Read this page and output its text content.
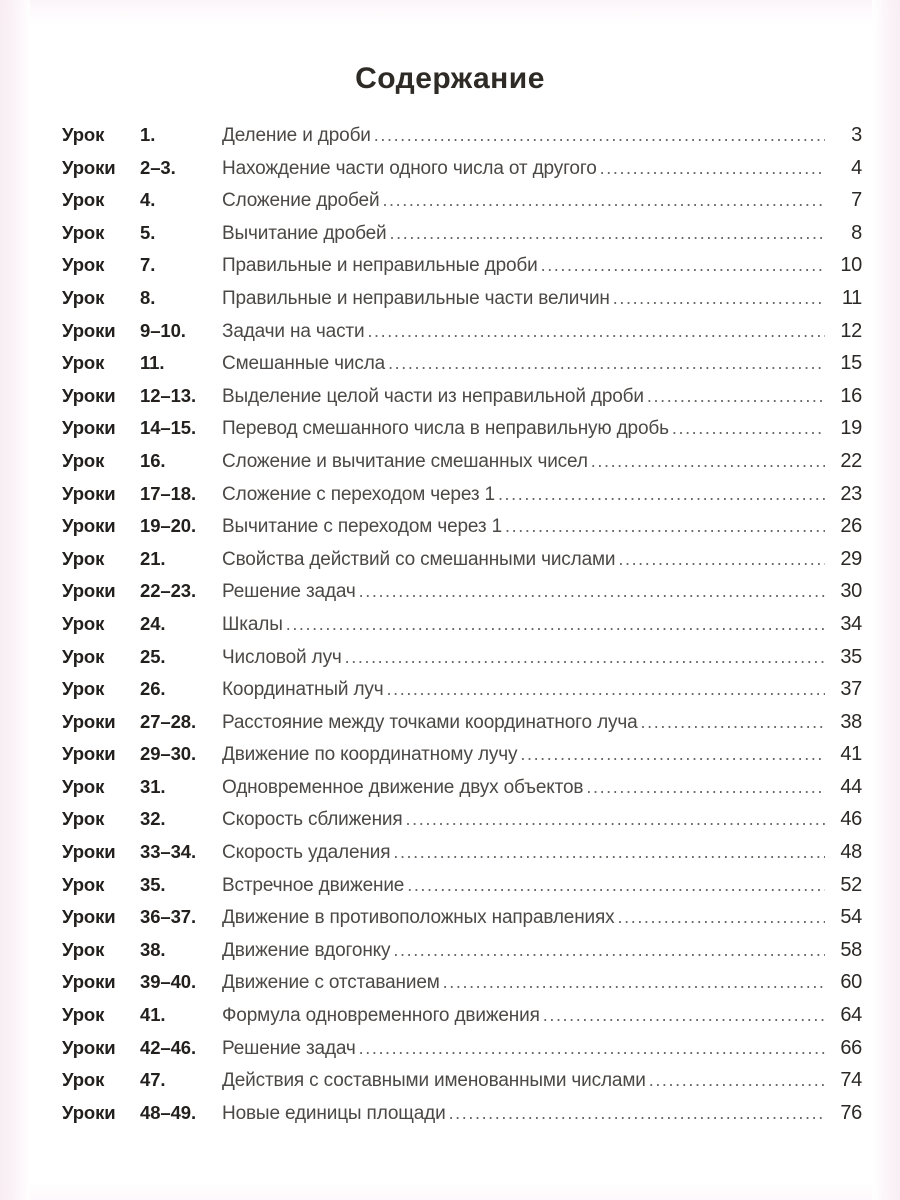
Содержание
Урок	1.	Деление и дроби .....	3
Уроки	2–3.	Нахождение части одного числа от другого .....	4
Урок	4.	Сложение дробей .....	7
Урок	5.	Вычитание дробей .....	8
Урок	7.	Правильные и неправильные дроби .....	10
Урок	8.	Правильные и неправильные части величин .....	11
Уроки	9–10.	Задачи на части .....	12
Урок	11.	Смешанные числа .....	15
Уроки	12–13.	Выделение целой части из неправильной дроби .....	16
Уроки	14–15.	Перевод смешанного числа в неправильную дробь .....	19
Урок	16.	Сложение и вычитание смешанных чисел .....	22
Уроки	17–18.	Сложение с переходом через 1 .....	23
Уроки	19–20.	Вычитание с переходом через 1 .....	26
Урок	21.	Свойства действий со смешанными числами .....	29
Уроки	22–23.	Решение задач .....	30
Урок	24.	Шкалы .....	34
Урок	25.	Числовой луч .....	35
Урок	26.	Координатный луч .....	37
Уроки	27–28.	Расстояние между точками координатного луча .....	38
Уроки	29–30.	Движение по координатному лучу .....	41
Урок	31.	Одновременное движение двух объектов .....	44
Урок	32.	Скорость сближения .....	46
Уроки	33–34.	Скорость удаления .....	48
Урок	35.	Встречное движение .....	52
Уроки	36–37.	Движение в противоположных направлениях .....	54
Урок	38.	Движение вдогонку .....	58
Уроки	39–40.	Движение с отставанием .....	60
Урок	41.	Формула одновременного движения .....	64
Уроки	42–46.	Решение задач .....	66
Урок	47.	Действия с составными именованными числами .....	74
Уроки	48–49.	Новые единицы площади .....	76
